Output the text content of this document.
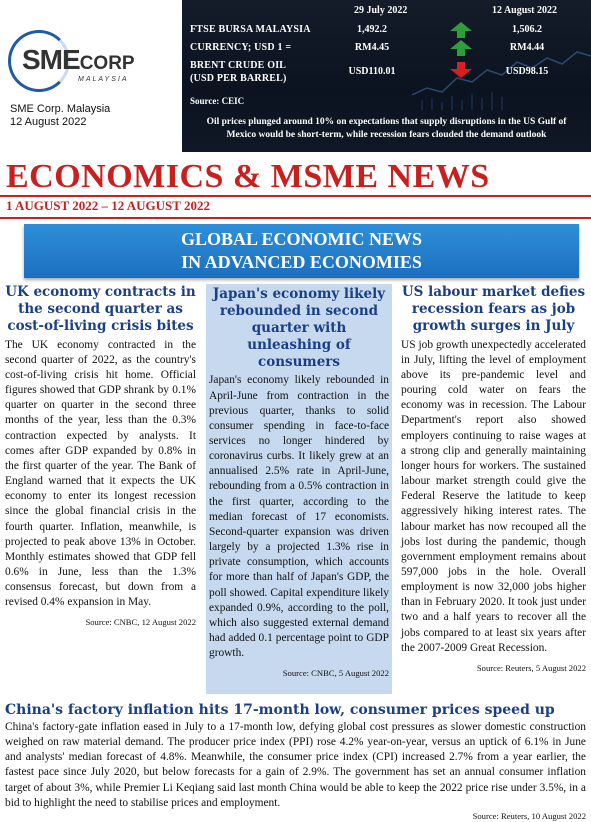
SMECORP
MALAYSIA
SME Corp. Malaysia
12 August 2022
29 July 2022	12 August 2022
FTSE BURSA MALAYSIA	1,492.2	1,506.2
CURRENCY; USD 1 =	RM4.45	RM4.44
BRENT CRUDE OIL
(USD PER BARREL)
USD110.01	USD98.15
Source: CEIC
Oil prices plunged around 10% on expectations that supply disruptions in the US Gulf of
Mexico would be short-term, while recession fears clouded the demand outlook
ECONOMICS & MSME NEWS
1 AUGUST 2022 – 12 AUGUST 2022
GLOBAL ECONOMIC NEWS
IN ADVANCED ECONOMIES
UK economy contracts in the second quarter as cost-of-living crisis bites
The UK economy contracted in the second quarter of 2022, as the country's cost-of-living crisis hit home. Official figures showed that GDP shrank by 0.1% quarter on quarter in the second three months of the year, less than the 0.3% contraction expected by analysts. It comes after GDP expanded by 0.8% in the first quarter of the year. The Bank of England warned that it expects the UK economy to enter its longest recession since the global financial crisis in the fourth quarter. Inflation, meanwhile, is projected to peak above 13% in October. Monthly estimates showed that GDP fell 0.6% in June, less than the 1.3% consensus forecast, but down from a revised 0.4% expansion in May.
Source: CNBC, 12 August 2022
Japan's economy likely rebounded in second quarter with unleashing of consumers
Japan's economy likely rebounded in April-June from contraction in the previous quarter, thanks to solid consumer spending in face-to-face services no longer hindered by coronavirus curbs. It likely grew at an annualised 2.5% rate in April-June, rebounding from a 0.5% contraction in the first quarter, according to the median forecast of 17 economists. Second-quarter expansion was driven largely by a projected 1.3% rise in private consumption, which accounts for more than half of Japan's GDP, the poll showed. Capital expenditure likely expanded 0.9%, according to the poll, which also suggested external demand had added 0.1 percentage point to GDP growth.
Source: CNBC, 5 August 2022
US labour market defies recession fears as job growth surges in July
US job growth unexpectedly accelerated in July, lifting the level of employment above its pre-pandemic level and pouring cold water on fears the economy was in recession. The Labour Department's report also showed employers continuing to raise wages at a strong clip and generally maintaining longer hours for workers. The sustained labour market strength could give the Federal Reserve the latitude to keep aggressively hiking interest rates. The labour market has now recouped all the jobs lost during the pandemic, though government employment remains about 597,000 jobs in the hole. Overall employment is now 32,000 jobs higher than in February 2020. It took just under two and a half years to recover all the jobs compared to at least six years after the 2007-2009 Great Recession.
Source: Reuters, 5 August 2022
China's factory inflation hits 17-month low, consumer prices speed up
China's factory-gate inflation eased in July to a 17-month low, defying global cost pressures as slower domestic construction weighed on raw material demand. The producer price index (PPI) rose 4.2% year-on-year, versus an uptick of 6.1% in June and analysts' median forecast of 4.8%. Meanwhile, the consumer price index (CPI) increased 2.7% from a year earlier, the fastest pace since July 2020, but below forecasts for a gain of 2.9%. The government has set an annual consumer inflation target of about 3%, while Premier Li Keqiang said last month China would be able to keep the 2022 price rise under 3.5%, in a bid to highlight the need to stabilise prices and employment.
Source: Reuters, 10 August 2022
